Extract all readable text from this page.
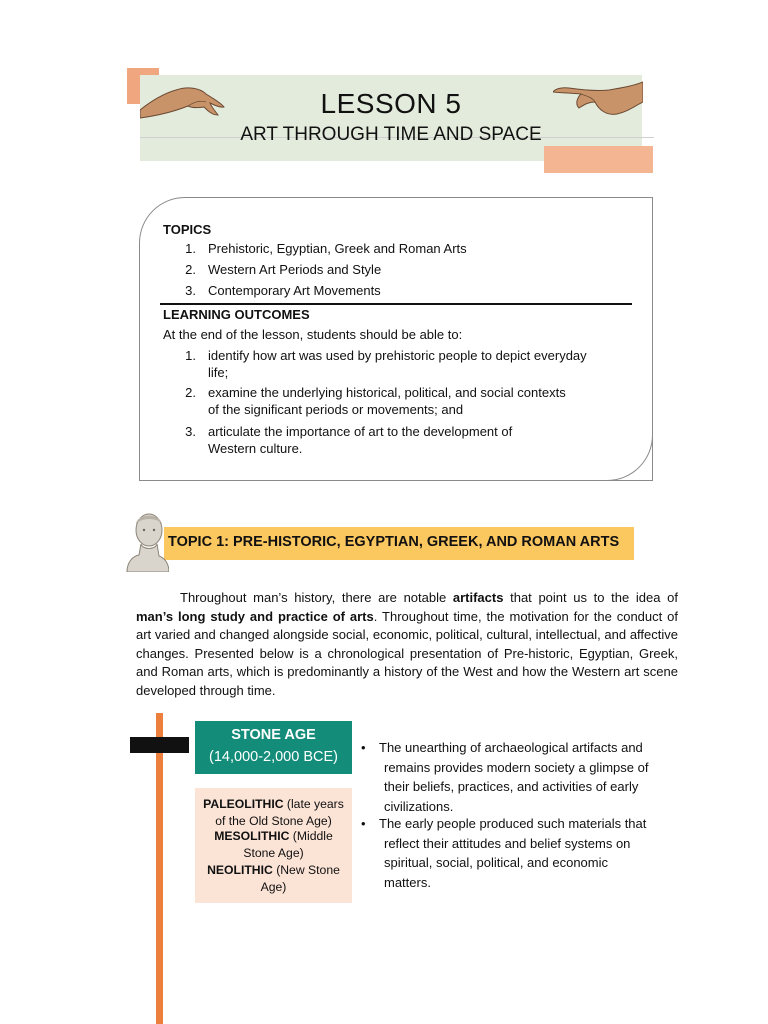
LESSON 5
ART THROUGH TIME AND SPACE
TOPICS
1. Prehistoric, Egyptian, Greek and Roman Arts
2. Western Art Periods and Style
3. Contemporary Art Movements
LEARNING OUTCOMES
At the end of the lesson, students should be able to:
1. identify how art was used by prehistoric people to depict everyday
life;
2. examine the underlying historical, political, and social contexts
of the significant periods or movements; and
3. articulate the importance of art to the development of
Western culture.
TOPIC 1: PRE-HISTORIC, EGYPTIAN, GREEK, AND ROMAN ARTS
Throughout man’s history, there are notable artifacts that point us to the idea of man’s long study and practice of arts. Throughout time, the motivation for the conduct of art varied and changed alongside social, economic, political, cultural, intellectual, and affective changes. Presented below is a chronological presentation of Pre-historic, Egyptian, Greek, and Roman arts, which is predominantly a history of the West and how the Western art scene developed through time.
STONE AGE
(14,000-2,000 BCE)
PALEOLITHIC (late years
of the Old Stone Age)
MESOLITHIC (Middle
Stone Age)
NEOLITHIC (New Stone
Age)
• The unearthing of archaeological artifacts and
remains provides modern society a glimpse of
their beliefs, practices, and activities of early
civilizations.
• The early people produced such materials that
reflect their attitudes and belief systems on
spiritual, social, political, and economic
matters.
